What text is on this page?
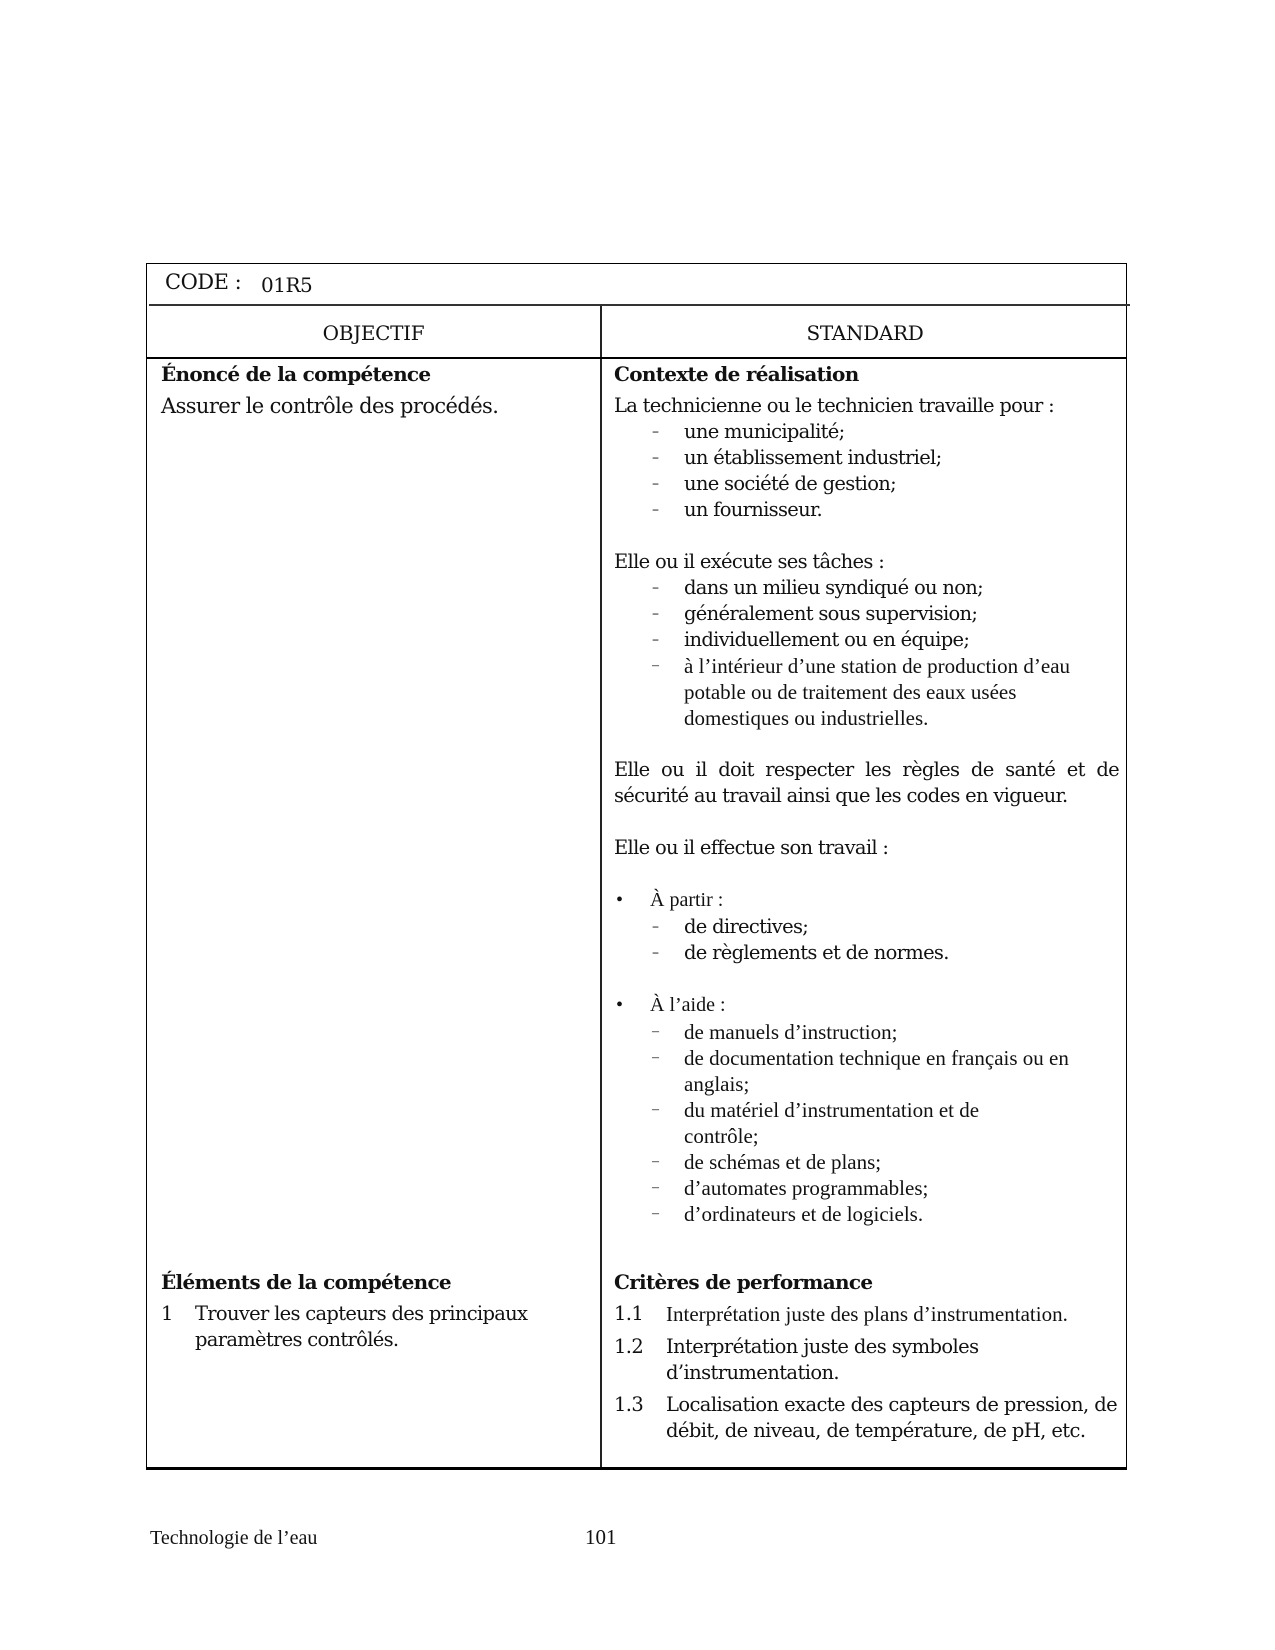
CODE : 01R5
OBJECTIF	STANDARD
Énoncé de la compétence
Assurer le contrôle des procédés.
Contexte de réalisation
La technicienne ou le technicien travaille pour :
– une municipalité;
– un établissement industriel;
– une société de gestion;
– un fournisseur.
Elle ou il exécute ses tâches :
– dans un milieu syndiqué ou non;
– généralement sous supervision;
– individuellement ou en équipe;
– à l’intérieur d’une station de production d’eau potable ou de traitement des eaux usées domestiques ou industrielles.
Elle ou il doit respecter les règles de santé et de sécurité au travail ainsi que les codes en vigueur.
Elle ou il effectue son travail :
• À partir :
– de directives;
– de règlements et de normes.
• À l’aide :
– de manuels d’instruction;
– de documentation technique en français ou en anglais;
– du matériel d’instrumentation et de contrôle;
– de schémas et de plans;
– d’automates programmables;
– d’ordinateurs et de logiciels.
Éléments de la compétence
1 Trouver les capteurs des principaux paramètres contrôlés.
Critères de performance
1.1 Interprétation juste des plans d’instrumentation.
1.2 Interprétation juste des symboles d’instrumentation.
1.3 Localisation exacte des capteurs de pression, de débit, de niveau, de température, de pH, etc.
Technologie de l’eau	101
